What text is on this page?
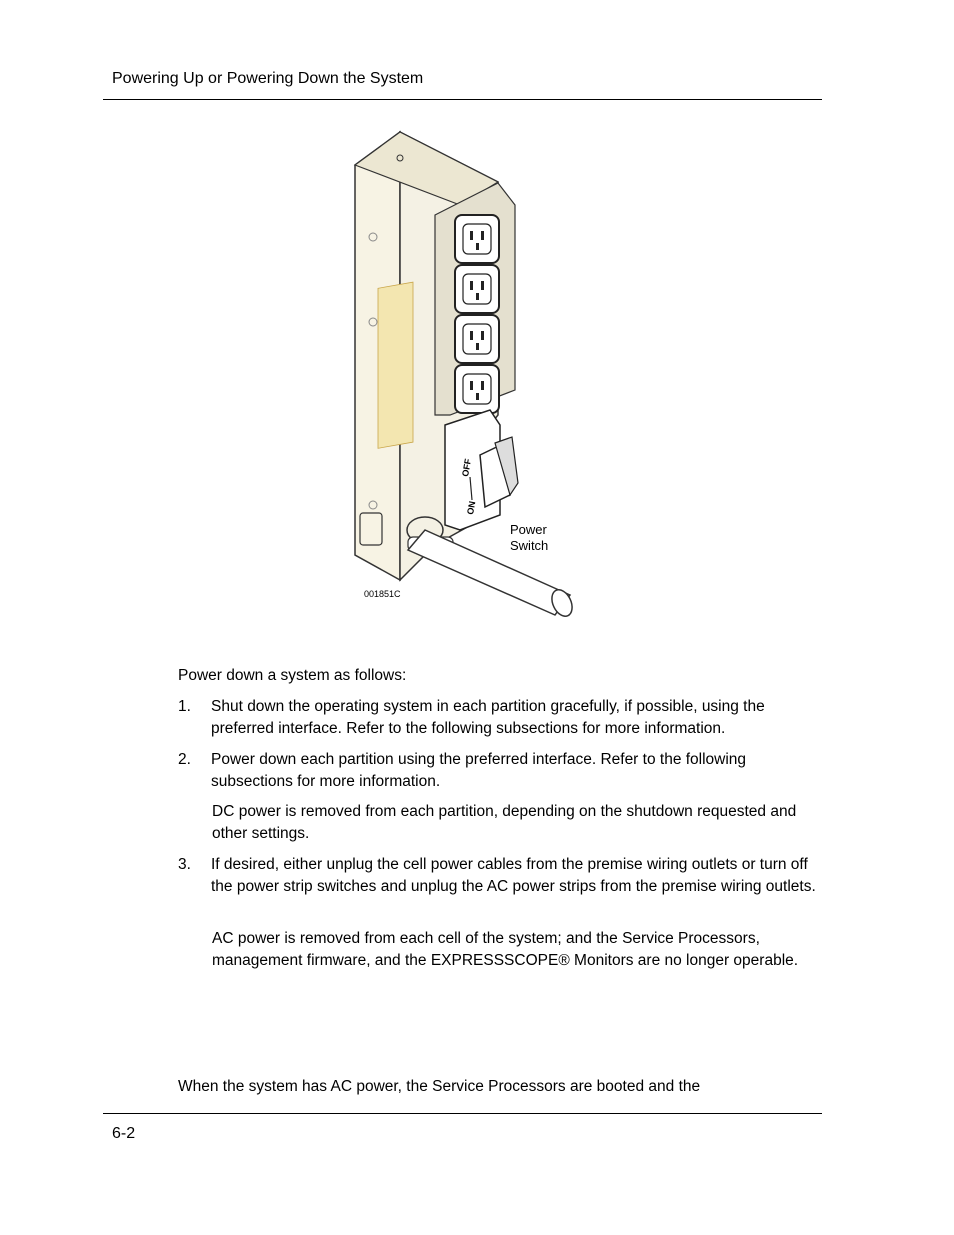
Powering Up or Powering Down the System
OFF
ON
Power
Switch
001851C
Power down a system as follows:
1. Shut down the operating system in each partition gracefully, if possible, using the preferred interface. Refer to the following subsections for more information.
2. Power down each partition using the preferred interface. Refer to the following subsections for more information.
DC power is removed from each partition, depending on the shutdown requested and other settings.
3. If desired, either unplug the cell power cables from the premise wiring outlets or turn off the power strip switches and unplug the AC power strips from the premise wiring outlets.
AC power is removed from each cell of the system; and the Service Processors, management firmware, and the EXPRESSSCOPE® Monitors are no longer operable.
When the system has AC power, the Service Processors are booted and the
6-2
